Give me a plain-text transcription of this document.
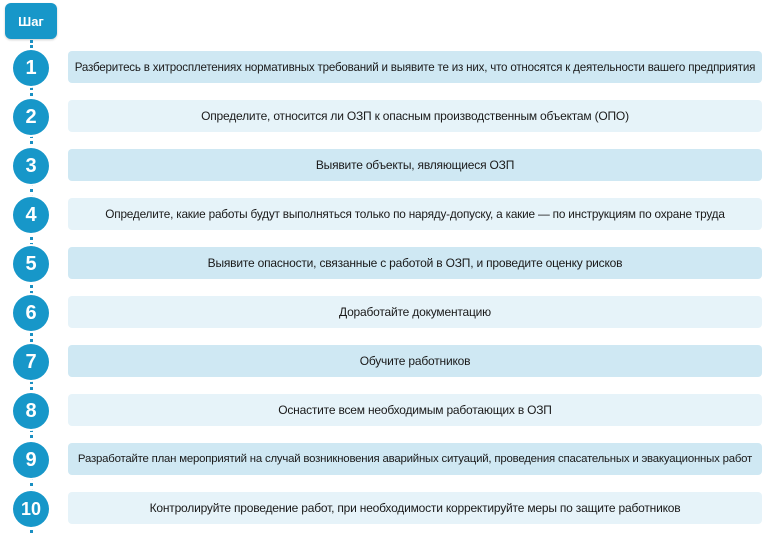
Шаг
1	Разберитесь в хитросплетениях нормативных требований и выявите те из них, что относятся к деятельности вашего предприятия
2	Определите, относится ли ОЗП к опасным производственным объектам (ОПО)
3	Выявите объекты, являющиеся ОЗП
4	Определите, какие работы будут выполняться только по наряду-допуску, а какие — по инструкциям по охране труда
5	Выявите опасности, связанные с работой в ОЗП, и проведите оценку рисков
6	Доработайте документацию
7	Обучите работников
8	Оснастите всем необходимым работающих в ОЗП
9	Разработайте план мероприятий на случай возникновения аварийных ситуаций, проведения спасательных и эвакуационных работ
10	Контролируйте проведение работ, при необходимости корректируйте меры по защите работников
